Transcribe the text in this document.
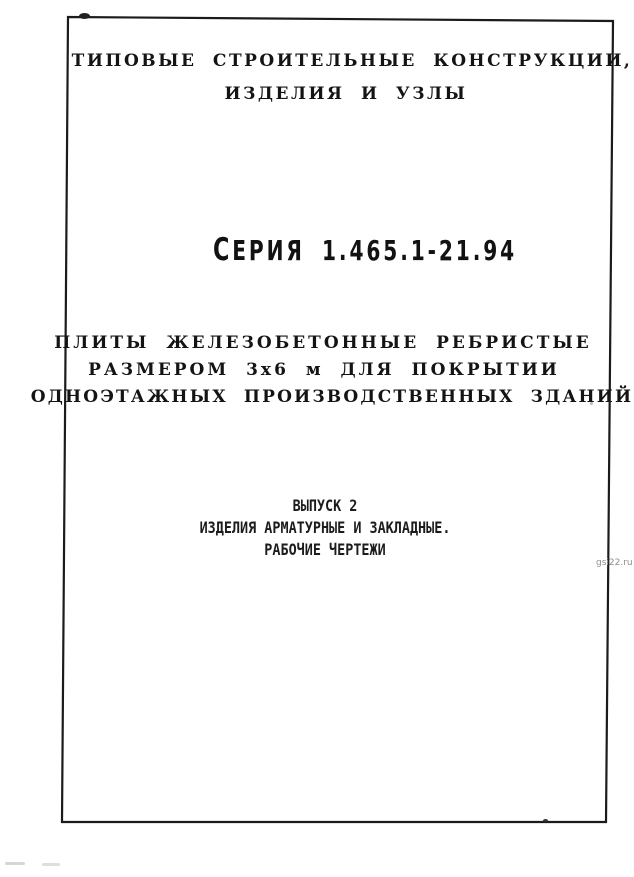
ТИПОВЫЕ СТРОИТЕЛЬНЫЕ КОНСТРУКЦИИ,
ИЗДЕЛИЯ И УЗЛЫ
СЕРИЯ 1.465.1-21.94
ПЛИТЫ ЖЕЛЕЗОБЕТОННЫЕ РЕБРИСТЫЕ
РАЗМЕРОМ 3х6 м ДЛЯ ПОКРЫТИИ
ОДНОЭТАЖНЫХ ПРОИЗВОДСТВЕННЫХ ЗДАНИЙ
ВЫПУСК 2
ИЗДЕЛИЯ АРМАТУРНЫЕ И ЗАКЛАДНЫЕ.
РАБОЧИЕ ЧЕРТЕЖИ
gsi22.ru
